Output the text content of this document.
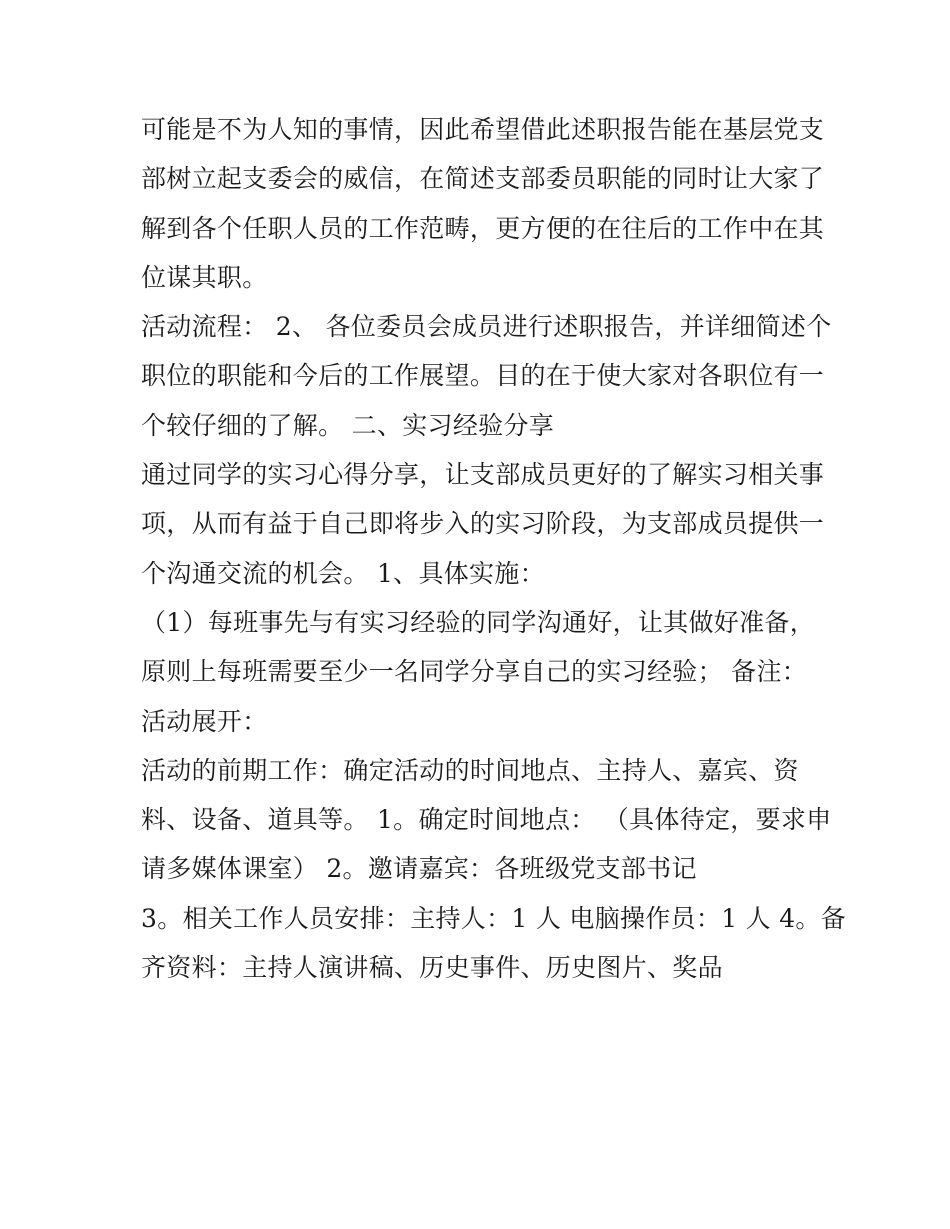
可能是不为人知的事情，因此希望借此述职报告能在基层党支
部树立起支委会的威信，在简述支部委员职能的同时让大家了
解到各个任职人员的工作范畴，更方便的在往后的工作中在其
位谋其职。
活动流程： 2、 各位委员会成员进行述职报告，并详细简述个
职位的职能和今后的工作展望。目的在于使大家对各职位有一
个较仔细的了解。 二、实习经验分享
通过同学的实习心得分享，让支部成员更好的了解实习相关事
项，从而有益于自己即将步入的实习阶段，为支部成员提供一
个沟通交流的机会。 1、具体实施：
（1）每班事先与有实习经验的同学沟通好，让其做好准备，
原则上每班需要至少一名同学分享自己的实习经验； 备注：
活动展开：
活动的前期工作：确定活动的时间地点、主持人、嘉宾、资
料、设备、道具等。 1。确定时间地点： （具体待定，要求申
请多媒体课室） 2。邀请嘉宾：各班级党支部书记
3。相关工作人员安排：主持人：1 人 电脑操作员：1 人 4。备
齐资料：主持人演讲稿、历史事件、历史图片、奖品
